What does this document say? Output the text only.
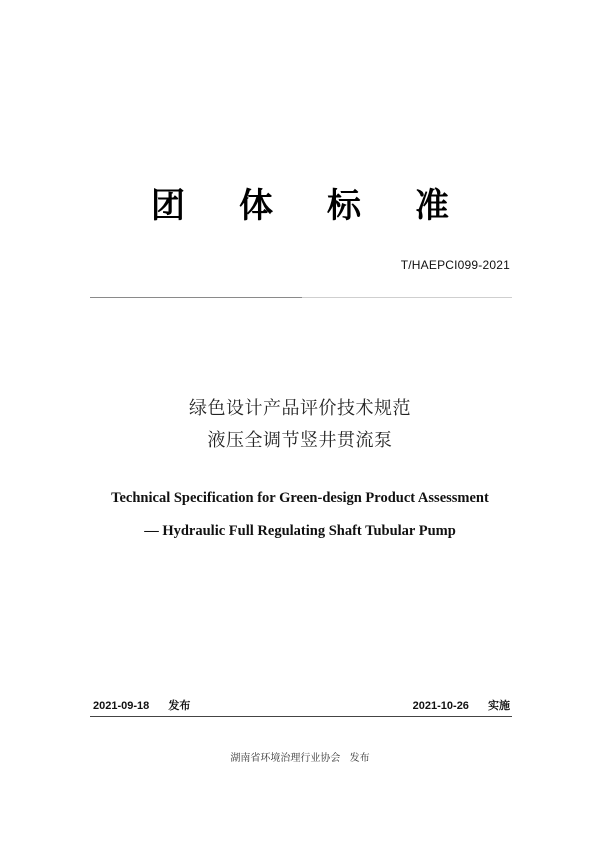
团	体	标	准
T/HAEPCI099-2021
绿色设计产品评价技术规范
液压全调节竖井贯流泵
Technical Specification for Green-design Product Assessment
— Hydraulic Full Regulating Shaft Tubular Pump
2021-09-18 发布	2021-10-26 实施
湖南省环境治理行业协会 发布
